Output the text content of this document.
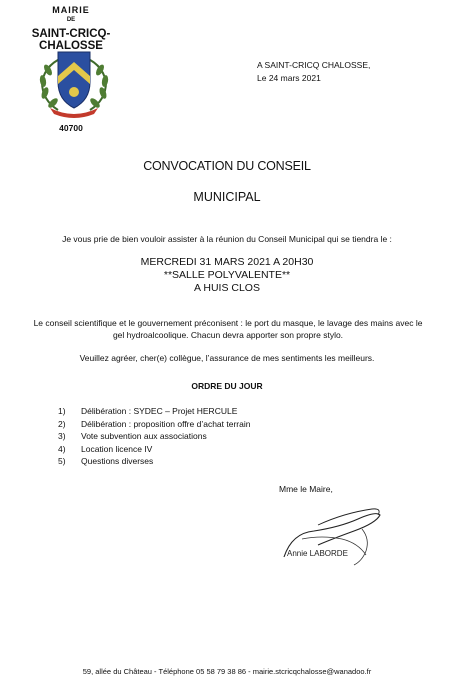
MAIRIE
DE
SAINT-CRICQ-CHALOSSE
40700
A SAINT-CRICQ CHALOSSE,
Le 24 mars 2021
CONVOCATION DU CONSEIL
MUNICIPAL
Je vous prie de bien vouloir assister à la réunion du Conseil Municipal qui se tiendra le :
MERCREDI 31 MARS 2021 A 20H30
**SALLE POLYVALENTE**
A HUIS CLOS
Le conseil scientifique et le gouvernement préconisent : le port du masque, le lavage des mains avec le gel hydroalcoolique. Chacun devra apporter son propre stylo.
Veuillez agréer, cher(e) collègue, l’assurance de mes sentiments les meilleurs.
ORDRE DU JOUR
1) Délibération : SYDEC – Projet HERCULE
2) Délibération : proposition offre d’achat terrain
3) Vote subvention aux associations
4) Location licence IV
5) Questions diverses
Mme le Maire,
Annie LABORDE
59, allée du Château - Téléphone 05 58 79 38 86 - mairie.stcricqchalosse@wanadoo.fr
